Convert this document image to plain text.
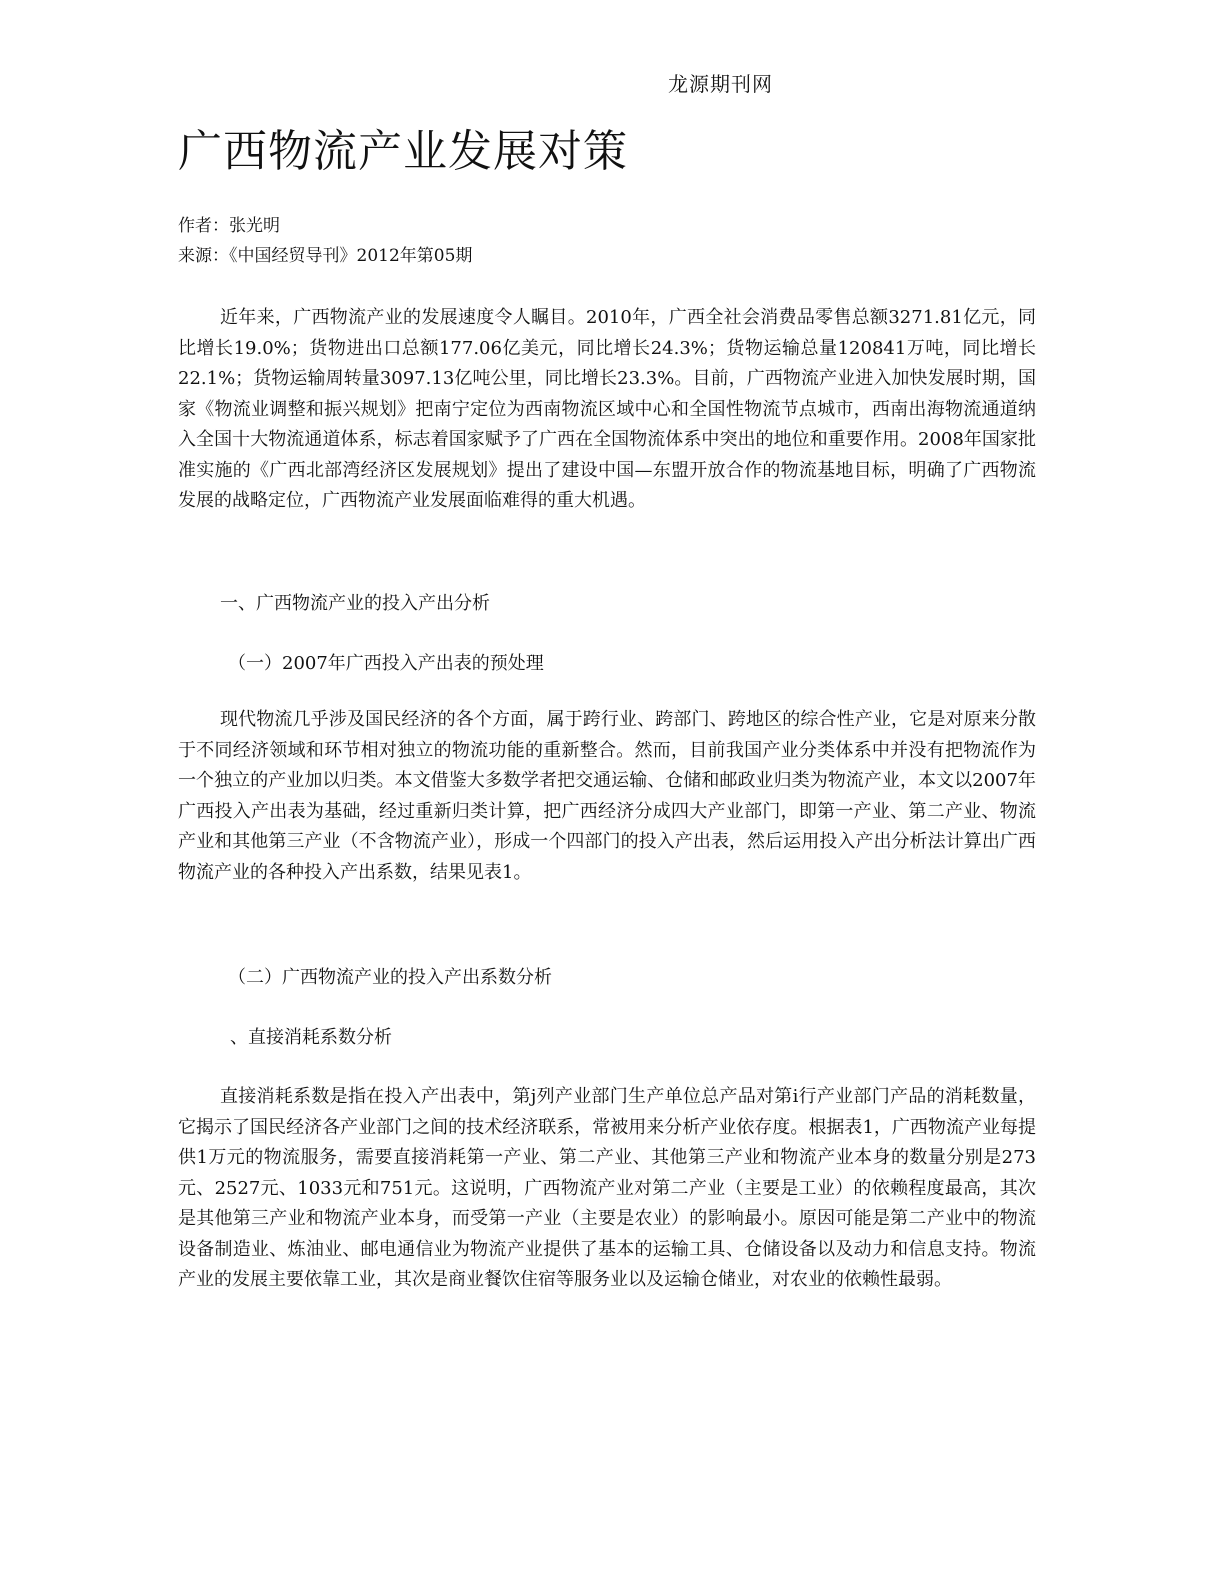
龙源期刊网
广西物流产业发展对策
作者：张光明
来源：《中国经贸导刊》2012年第05期

近年来，广西物流产业的发展速度令人瞩目。2010年，广西全社会消费品零售总额3271.81亿元，同比增长19.0%；货物进出口总额177.06亿美元，同比增长24.3%；货物运输总量120841万吨，同比增长22.1%；货物运输周转量3097.13亿吨公里，同比增长23.3%。目前，广西物流产业进入加快发展时期，国家《物流业调整和振兴规划》把南宁定位为西南物流区域中心和全国性物流节点城市，西南出海物流通道纳入全国十大物流通道体系，标志着国家赋予了广西在全国物流体系中突出的地位和重要作用。2008年国家批准实施的《广西北部湾经济区发展规划》提出了建设中国—东盟开放合作的物流基地目标，明确了广西物流发展的战略定位，广西物流产业发展面临难得的重大机遇。

一、广西物流产业的投入产出分析
（一）2007年广西投入产出表的预处理

现代物流几乎涉及国民经济的各个方面，属于跨行业、跨部门、跨地区的综合性产业，它是对原来分散于不同经济领域和环节相对独立的物流功能的重新整合。然而，目前我国产业分类体系中并没有把物流作为一个独立的产业加以归类。本文借鉴大多数学者把交通运输、仓储和邮政业归类为物流产业，本文以2007年广西投入产出表为基础，经过重新归类计算，把广西经济分成四大产业部门，即第一产业、第二产业、物流产业和其他第三产业（不含物流产业），形成一个四部门的投入产出表，然后运用投入产出分析法计算出广西物流产业的各种投入产出系数，结果见表1。

（二）广西物流产业的投入产出系数分析
、直接消耗系数分析

直接消耗系数是指在投入产出表中，第j列产业部门生产单位总产品对第i行产业部门产品的消耗数量，它揭示了国民经济各产业部门之间的技术经济联系，常被用来分析产业依存度。根据表1，广西物流产业每提供1万元的物流服务，需要直接消耗第一产业、第二产业、其他第三产业和物流产业本身的数量分别是273元、2527元、1033元和751元。这说明，广西物流产业对第二产业（主要是工业）的依赖程度最高，其次是其他第三产业和物流产业本身，而受第一产业（主要是农业）的影响最小。原因可能是第二产业中的物流设备制造业、炼油业、邮电通信业为物流产业提供了基本的运输工具、仓储设备以及动力和信息支持。物流产业的发展主要依靠工业，其次是商业餐饮住宿等服务业以及运输仓储业，对农业的依赖性最弱。
